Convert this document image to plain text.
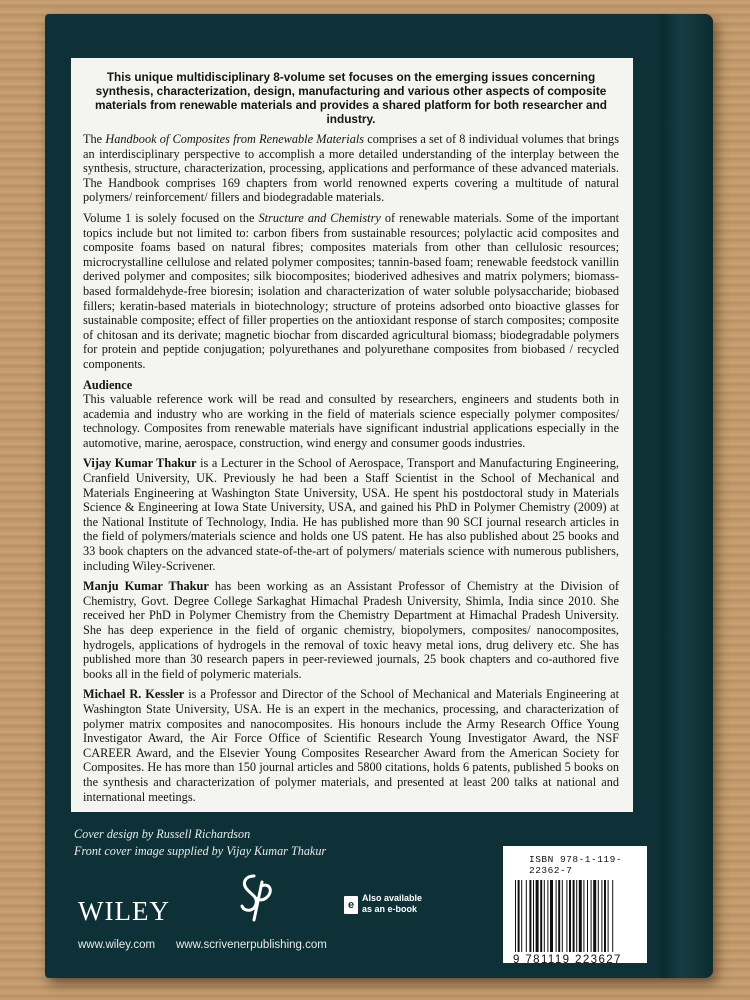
This unique multidisciplinary 8-volume set focuses on the emerging issues concerning synthesis, characterization, design, manufacturing and various other aspects of composite materials from renewable materials and provides a shared platform for both researcher and industry.

The Handbook of Composites from Renewable Materials comprises a set of 8 individual volumes that brings an interdisciplinary perspective to accomplish a more detailed understanding of the interplay between the synthesis, structure, characterization, processing, applications and performance of these advanced materials. The Handbook comprises 169 chapters from world renowned experts covering a multitude of natural polymers/ reinforcement/ fillers and biodegradable materials.

Volume 1 is solely focused on the Structure and Chemistry of renewable materials. Some of the important topics include but not limited to: carbon fibers from sustainable resources; polylactic acid composites and composite foams based on natural fibres; composites materials from other than cellulosic resources; microcrystalline cellulose and related polymer composites; tannin-based foam; renewable feedstock vanillin derived polymer and composites; silk biocomposites; bioderived adhesives and matrix polymers; biomass-based formaldehyde-free bioresin; isolation and characterization of water soluble polysaccharide; biobased fillers; keratin-based materials in biotechnology; structure of proteins adsorbed onto bioactive glasses for sustainable composite; effect of filler properties on the antioxidant response of starch composites; composite of chitosan and its derivate; magnetic biochar from discarded agricultural biomass; biodegradable polymers for protein and peptide conjugation; polyurethanes and polyurethane composites from biobased / recycled components.

Audience

This valuable reference work will be read and consulted by researchers, engineers and students both in academia and industry who are working in the field of materials science especially polymer composites/ technology. Composites from renewable materials have significant industrial applications especially in the automotive, marine, aerospace, construction, wind energy and consumer goods industries.

Vijay Kumar Thakur is a Lecturer in the School of Aerospace, Transport and Manufacturing Engineering, Cranfield University, UK. Previously he had been a Staff Scientist in the School of Mechanical and Materials Engineering at Washington State University, USA. He spent his postdoctoral study in Materials Science & Engineering at Iowa State University, USA, and gained his PhD in Polymer Chemistry (2009) at the National Institute of Technology, India. He has published more than 90 SCI journal research articles in the field of polymers/materials science and holds one US patent. He has also published about 25 books and 33 book chapters on the advanced state-of-the-art of polymers/ materials science with numerous publishers, including Wiley-Scrivener.

Manju Kumar Thakur has been working as an Assistant Professor of Chemistry at the Division of Chemistry, Govt. Degree College Sarkaghat Himachal Pradesh University, Shimla, India since 2010. She received her PhD in Polymer Chemistry from the Chemistry Department at Himachal Pradesh University. She has deep experience in the field of organic chemistry, biopolymers, composites/ nanocomposites, hydrogels, applications of hydrogels in the removal of toxic heavy metal ions, drug delivery etc. She has published more than 30 research papers in peer-reviewed journals, 25 book chapters and co-authored five books all in the field of polymeric materials.

Michael R. Kessler is a Professor and Director of the School of Mechanical and Materials Engineering at Washington State University, USA. He is an expert in the mechanics, processing, and characterization of polymer matrix composites and nanocomposites. His honours include the Army Research Office Young Investigator Award, the Air Force Office of Scientific Research Young Investigator Award, the NSF CAREER Award, and the Elsevier Young Composites Researcher Award from the American Society for Composites. He has more than 150 journal articles and 5800 citations, holds 6 patents, published 5 books on the synthesis and characterization of polymer materials, and presented at least 200 talks at national and international meetings.

Cover design by Russell Richardson
Front cover image supplied by Vijay Kumar Thakur
WILEY	e
Also available
as an e-book
www.wiley.com www.scrivenerpublishing.com
ISBN 978-1-119-22362-7
9 781119 223627
